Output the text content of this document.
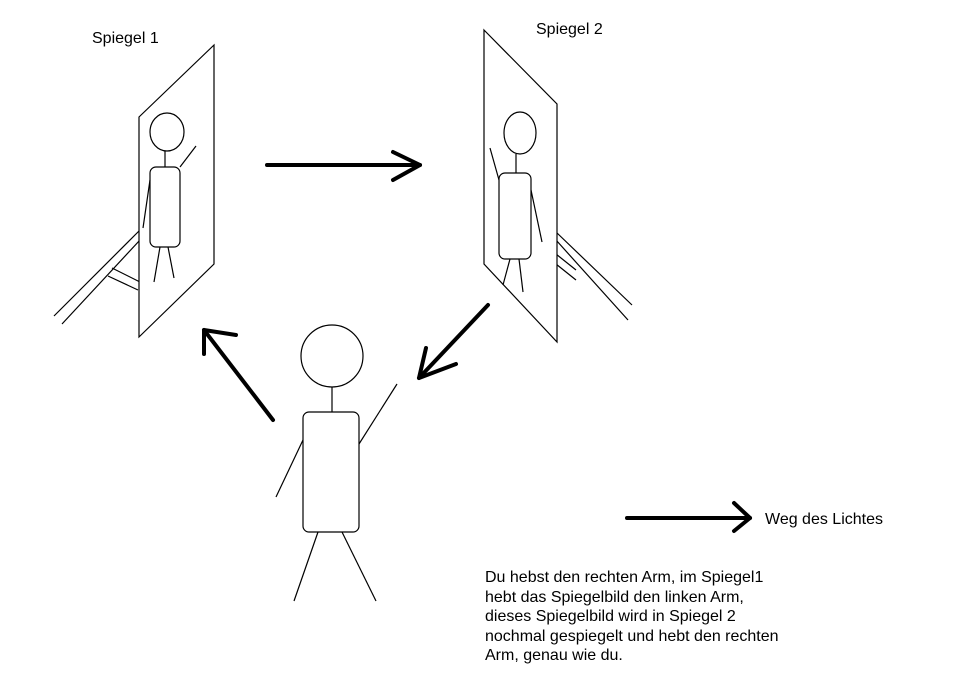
Spiegel 1
Spiegel 2
Weg des Lichtes
Du hebst den rechten Arm, im Spiegel1
hebt das Spiegelbild den linken Arm,
dieses Spiegelbild wird in Spiegel 2
nochmal gespiegelt und hebt den rechten
Arm, genau wie du.
